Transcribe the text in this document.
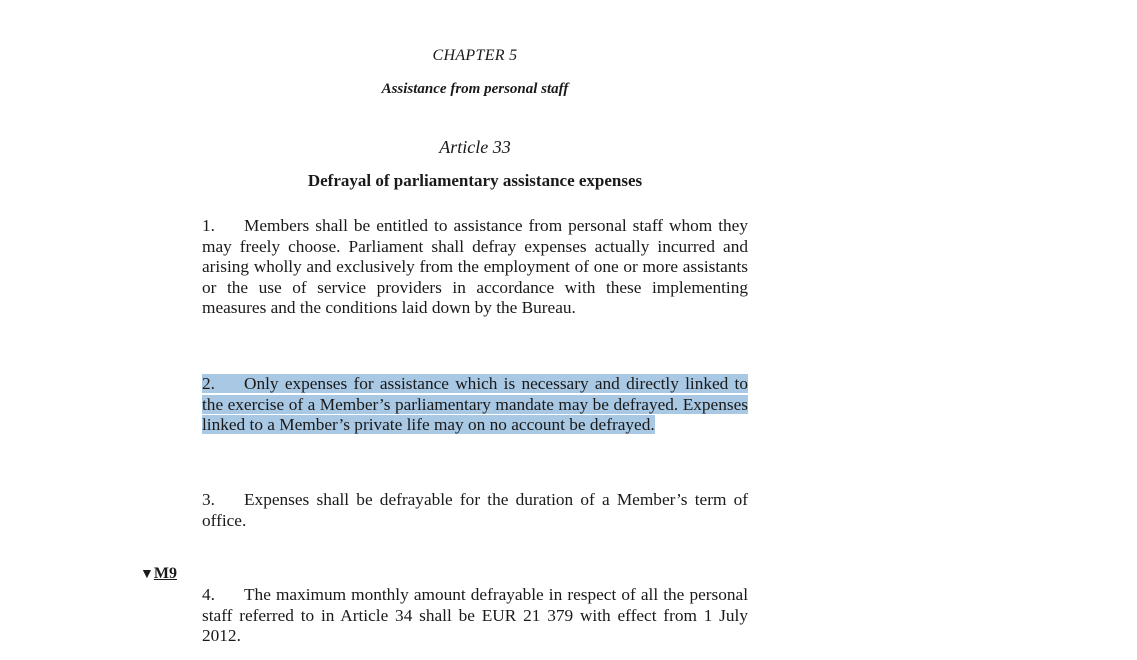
CHAPTER 5
Assistance from personal staff
Article 33
Defrayal of parliamentary assistance expenses
1. Members shall be entitled to assistance from personal staff whom they may freely choose. Parliament shall defray expenses actually incurred and arising wholly and exclusively from the employment of one or more assistants or the use of service providers in accordance with these implementing measures and the conditions laid down by the Bureau.
2. Only expenses for assistance which is necessary and directly linked to the exercise of a Member’s parliamentary mandate may be defrayed. Expenses linked to a Member’s private life may on no account be defrayed.
3. Expenses shall be defrayable for the duration of a Member’s term of office.
▼M9
4. The maximum monthly amount defrayable in respect of all the personal staff referred to in Article 34 shall be EUR 21 379 with effect from 1 July 2012.
